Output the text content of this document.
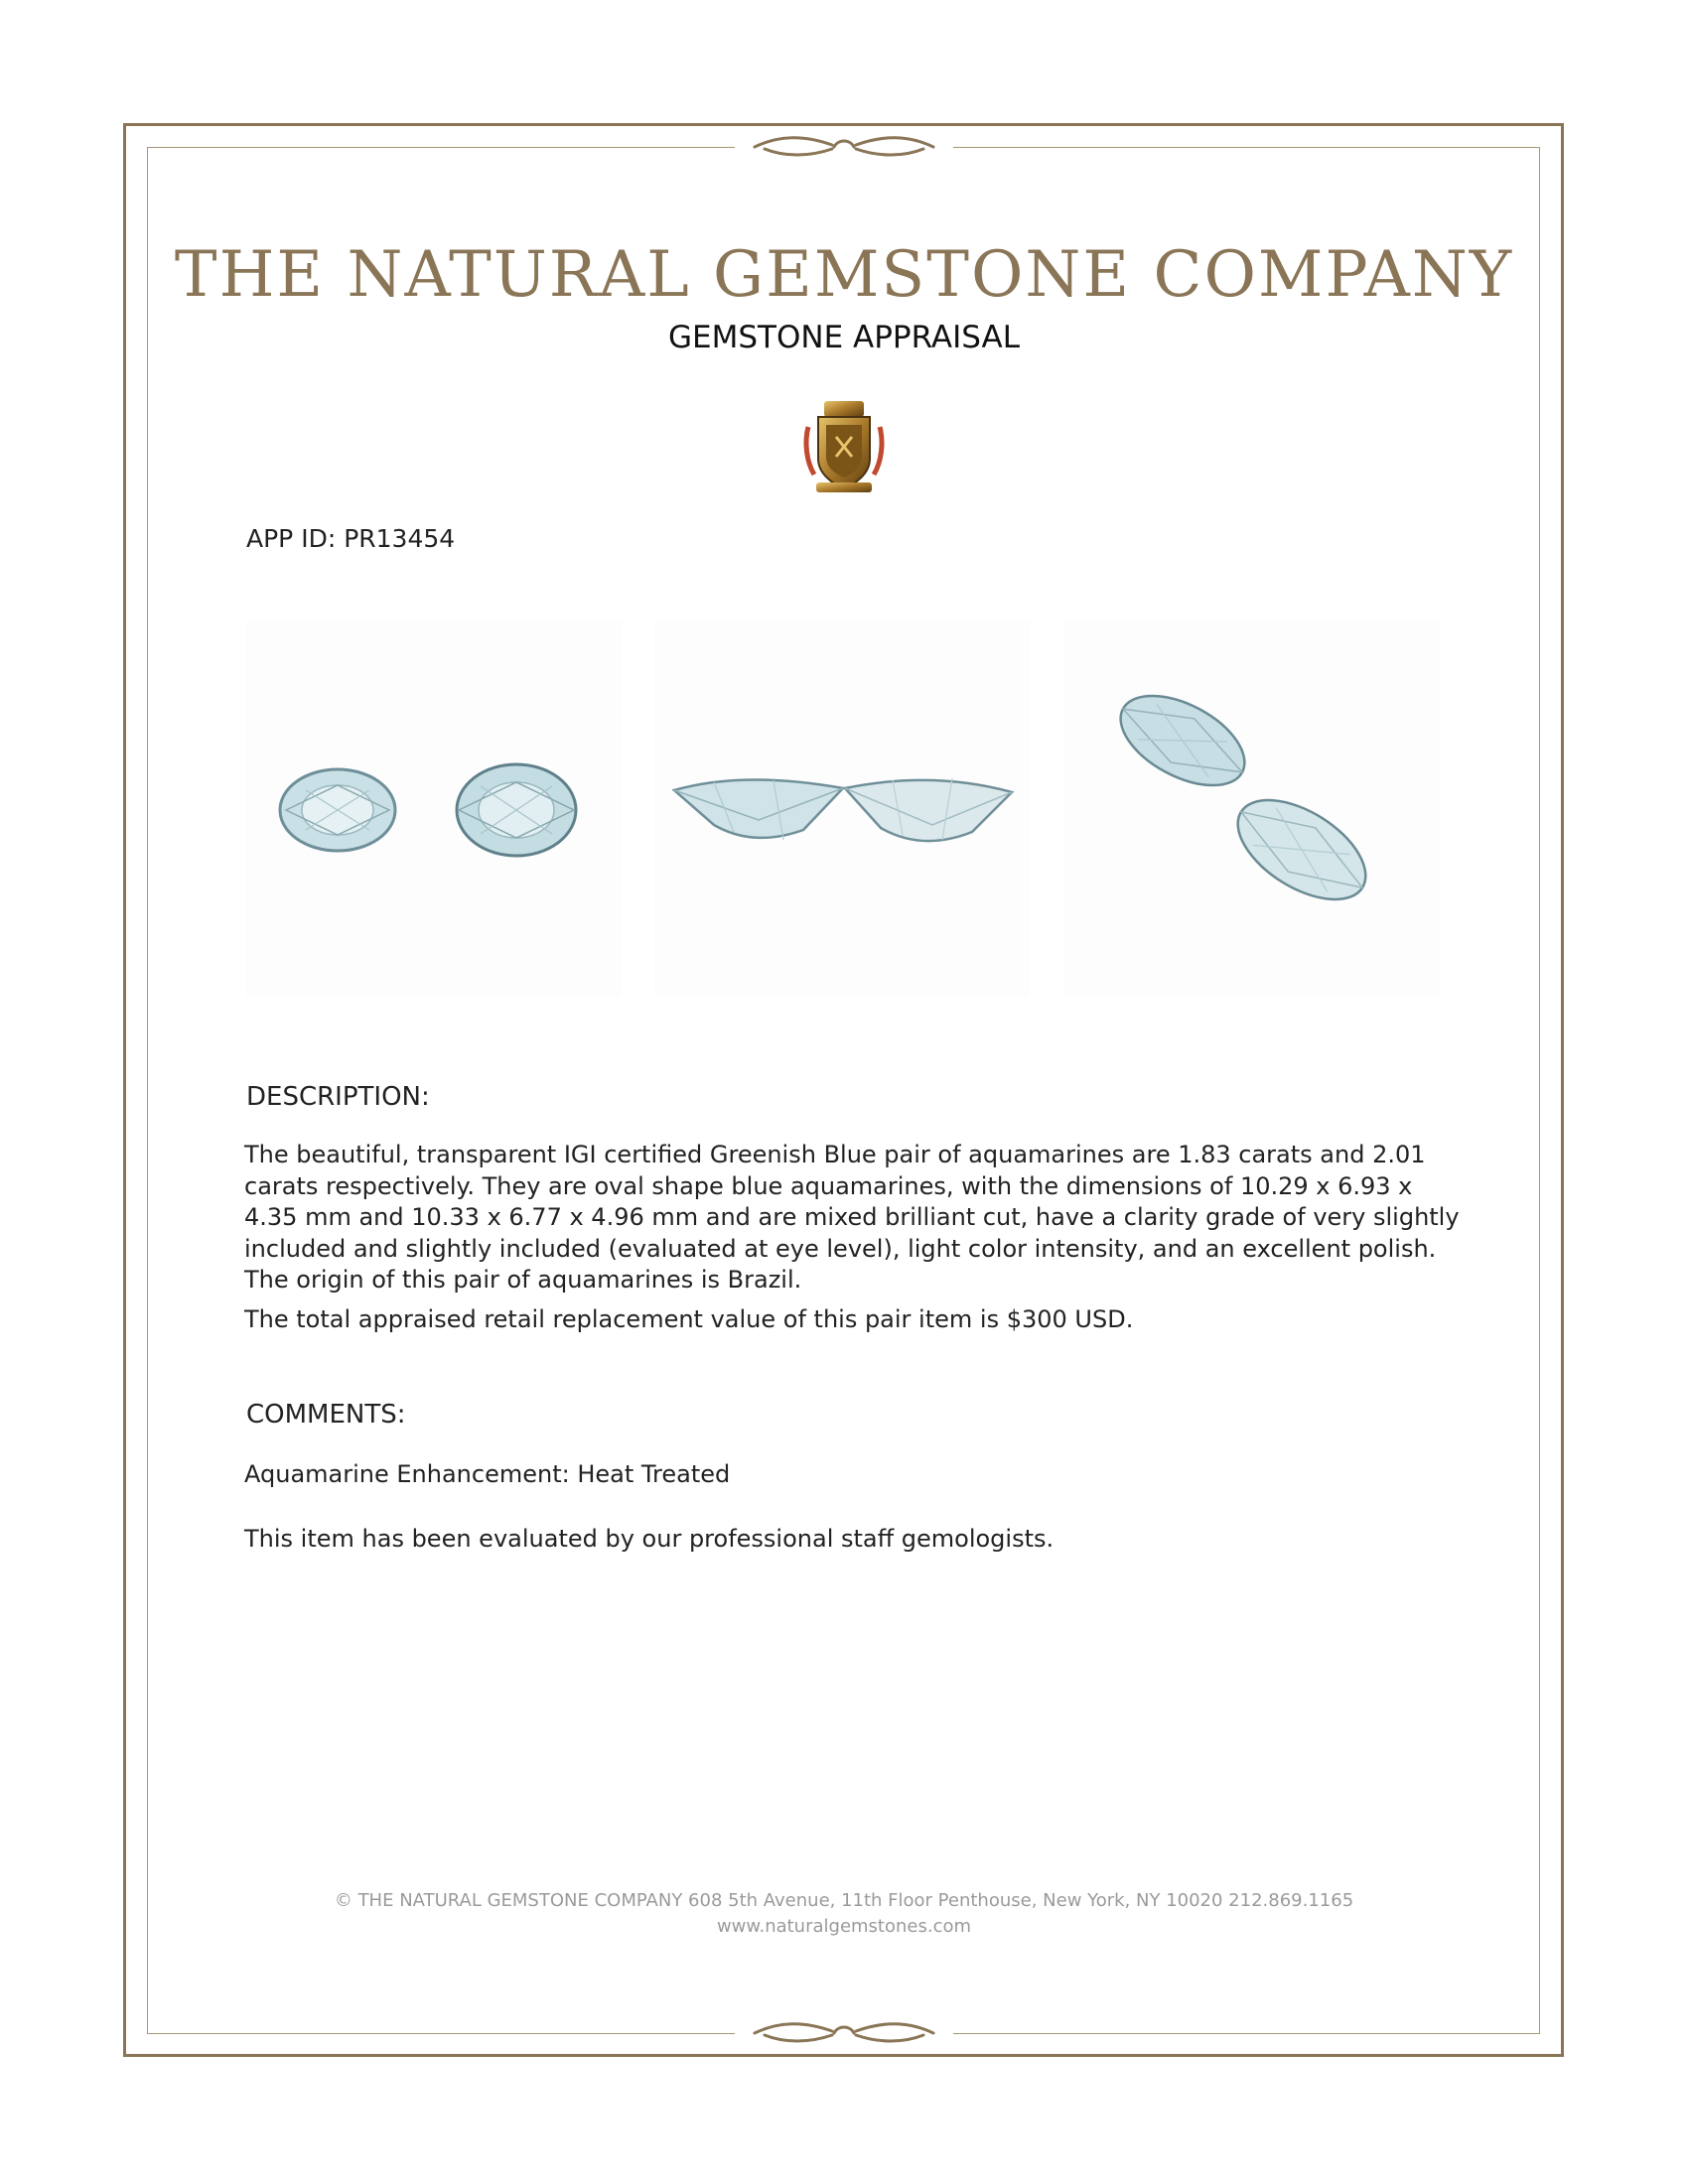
THE NATURAL GEMSTONE COMPANY
GEMSTONE APPRAISAL
APP ID: PR13454
DESCRIPTION:
The beautiful, transparent IGI certified Greenish Blue pair of aquamarines are 1.83 carats and 2.01 carats respectively. They are oval shape blue aquamarines, with the dimensions of 10.29 x 6.93 x 4.35 mm and 10.33 x 6.77 x 4.96 mm and are mixed brilliant cut, have a clarity grade of very slightly included and slightly included (evaluated at eye level), light color intensity, and an excellent polish. The origin of this pair of aquamarines is Brazil.
The total appraised retail replacement value of this pair item is $300 USD.
COMMENTS:
Aquamarine Enhancement: Heat Treated
This item has been evaluated by our professional staff gemologists.
© THE NATURAL GEMSTONE COMPANY 608 5th Avenue, 11th Floor Penthouse, New York, NY 10020 212.869.1165
www.naturalgemstones.com
